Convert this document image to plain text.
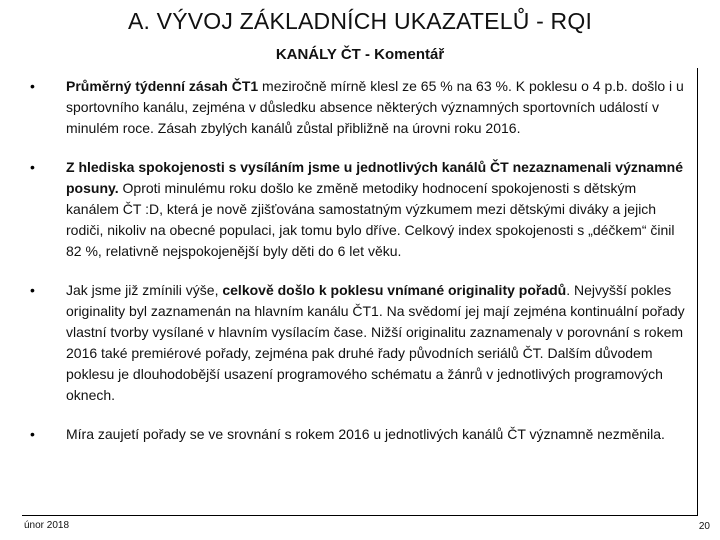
A. VÝVOJ ZÁKLADNÍCH UKAZATELŮ - RQI
KANÁLY ČT - Komentář
•	Průměrný týdenní zásah ČT1 meziročně mírně klesl ze 65 % na 63 %. K poklesu o 4 p.b. došlo i u sportovního kanálu, zejména v důsledku absence některých významných sportovních událostí v minulém roce. Zásah zbylých kanálů zůstal přibližně na úrovni roku 2016.
•	Z hlediska spokojenosti s vysíláním jsme u jednotlivých kanálů ČT nezaznamenali významné posuny. Oproti minulému roku došlo ke změně metodiky hodnocení spokojenosti s dětským kanálem ČT :D, která je nově zjišťována samostatným výzkumem mezi dětskými diváky a jejich rodiči, nikoliv na obecné populaci, jak tomu bylo dříve. Celkový index spokojenosti s „déčkem“ činil 82 %, relativně nejspokojenější byly děti do 6 let věku.
•	Jak jsme již zmínili výše, celkově došlo k poklesu vnímané originality pořadů. Nejvyšší pokles originality byl zaznamenán na hlavním kanálu ČT1. Na svědomí jej mají zejména kontinuální pořady vlastní tvorby vysílané v hlavním vysílacím čase. Nižší originalitu zaznamenaly v porovnání s rokem 2016 také premiérové pořady, zejména pak druhé řady původních seriálů ČT. Dalším důvodem poklesu je dlouhodobější usazení programového schématu a žánrů v jednotlivých programových oknech.
•	Míra zaujetí pořady se ve srovnání s rokem 2016 u jednotlivých kanálů ČT významně nezměnila.
únor 2018	20
